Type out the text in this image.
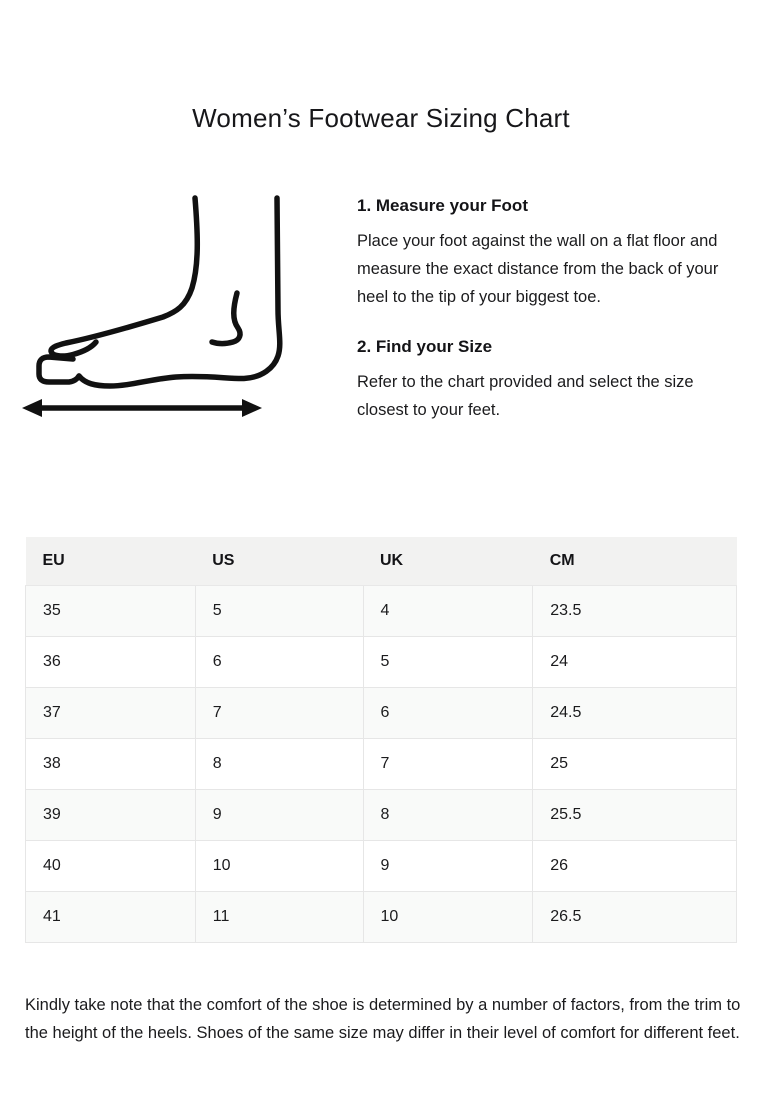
Women’s Footwear Sizing Chart

1. Measure your Foot

Place your foot against the wall on a flat floor and measure the exact distance from the back of your heel to the tip of your biggest toe.

2. Find your Size

Refer to the chart provided and select the size closest to your feet.

EU	US	UK	CM
35	5	4	23.5
36	6	5	24
37	7	6	24.5
38	8	7	25
39	9	8	25.5
40	10	9	26
41	11	10	26.5

Kindly take note that the comfort of the shoe is determined by a number of factors, from the trim to the height of the heels. Shoes of the same size may differ in their level of comfort for different feet.
